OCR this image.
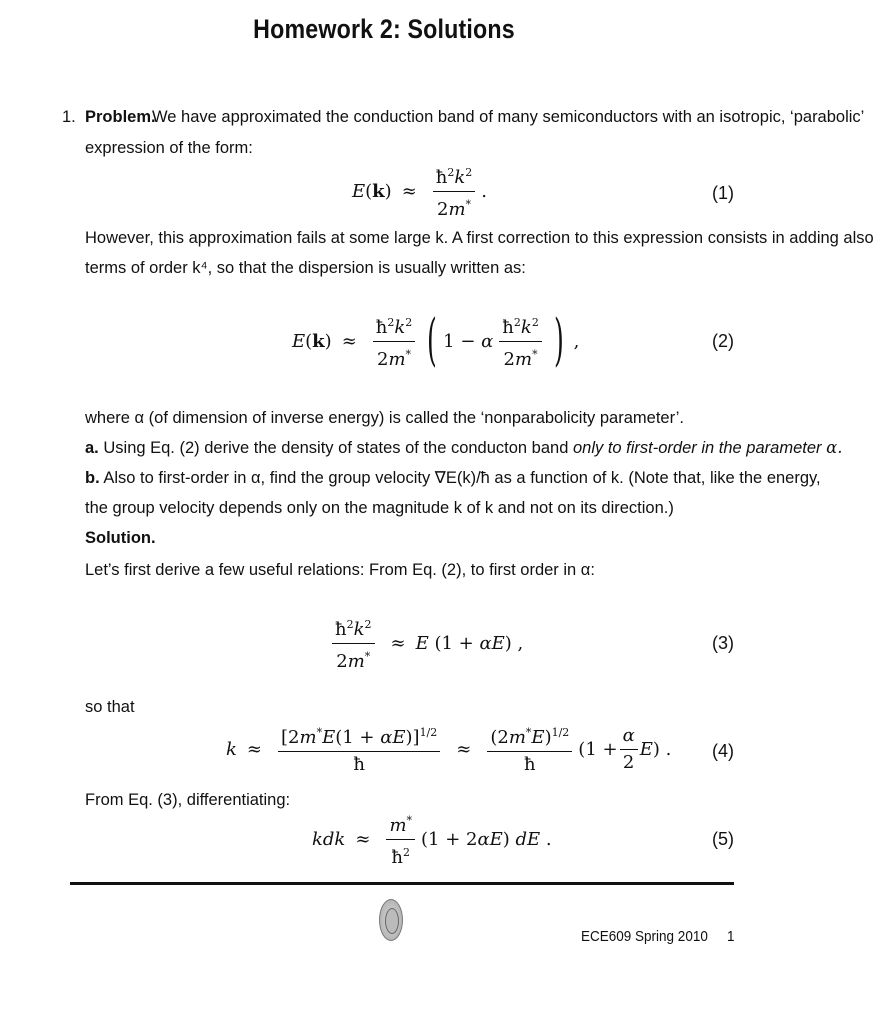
Homework 2: Solutions
1. Problem.
We have approximated the conduction band of many semiconductors with an isotropic, ‘parabolic’
expression of the form:
$E(k) \approx \frac{ħ^2k^2}{2m^*}$ .	(1)
However, this approximation fails at some large k. A first correction to this expression consists in adding also
terms of order k⁴, so that the dispersion is usually written as:
$E(k) \approx \frac{ħ^2k^2}{2m^*}$ ( 1 − α $\frac{ħ^2k^2}{2m^*}$ ) ,	(2)
where α (of dimension of inverse energy) is called the ‘nonparabolicity parameter’.
a. Using Eq. (2) derive the density of states of the conducton band only to first-order in the parameter α.
b. Also to first-order in α, find the group velocity ∇E(k)/ħ as a function of k. (Note that, like the energy,
the group velocity depends only on the magnitude k of k and not on its direction.)
Solution.
Let’s first derive a few useful relations: From Eq. (2), to first order in α:
$\frac{ħ^2k^2}{2m^*} \approx E$ (1 + αE) ,	(3)
so that
$k \approx \frac{[2m^*E(1 + \alpha E)]^{1/2}}{ħ} \approx \frac{(2m^*E)^{1/2}}{ħ} (1 + \frac{\alpha}{2} E)$ . (4)
From Eq. (3), differentiating:
kdk ≈ $\frac{m^*}{ħ^2} (1 + 2\alpha E)$ dE .	(5)
ECE609 Spring 2010 1
